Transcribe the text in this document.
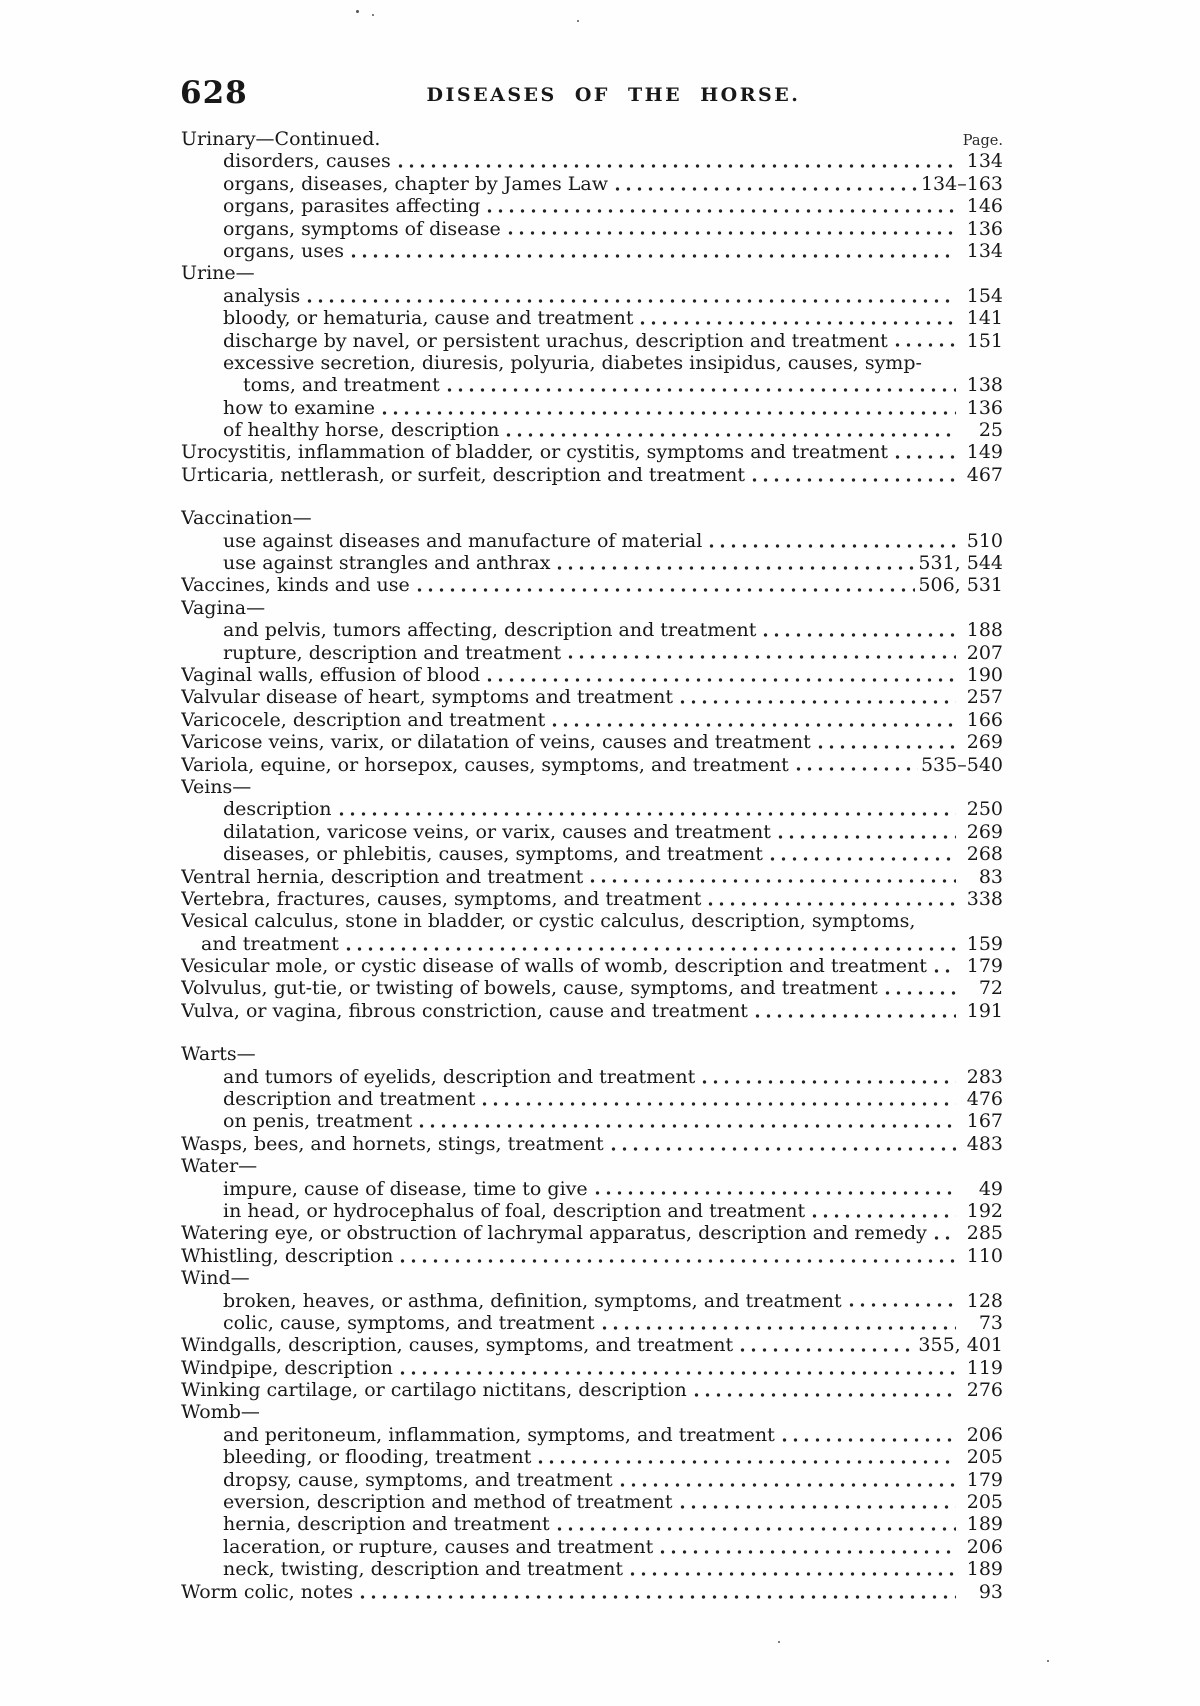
628	DISEASES OF THE HORSE.
Urinary—Continued.	Page.
disorders, causes	134
organs, diseases, chapter by James Law	134–163
organs, parasites affecting	146
organs, symptoms of disease	136
organs, uses	134
Urine—
analysis	154
bloody, or hematuria, cause and treatment	141
discharge by navel, or persistent urachus, description and treatment	151
excessive secretion, diuresis, polyuria, diabetes insipidus, causes, symp-
toms, and treatment	138
how to examine	136
of healthy horse, description	25
Urocystitis, inflammation of bladder, or cystitis, symptoms and treatment	149
Urticaria, nettlerash, or surfeit, description and treatment	467
Vaccination—
use against diseases and manufacture of material	510
use against strangles and anthrax	531, 544
Vaccines, kinds and use	506, 531
Vagina—
and pelvis, tumors affecting, description and treatment	188
rupture, description and treatment	207
Vaginal walls, effusion of blood	190
Valvular disease of heart, symptoms and treatment	257
Varicocele, description and treatment	166
Varicose veins, varix, or dilatation of veins, causes and treatment	269
Variola, equine, or horsepox, causes, symptoms, and treatment	535–540
Veins—
description	250
dilatation, varicose veins, or varix, causes and treatment	269
diseases, or phlebitis, causes, symptoms, and treatment	268
Ventral hernia, description and treatment	83
Vertebra, fractures, causes, symptoms, and treatment	338
Vesical calculus, stone in bladder, or cystic calculus, description, symptoms,
and treatment	159
Vesicular mole, or cystic disease of walls of womb, description and treatment	179
Volvulus, gut-tie, or twisting of bowels, cause, symptoms, and treatment	72
Vulva, or vagina, fibrous constriction, cause and treatment	191
Warts—
and tumors of eyelids, description and treatment	283
description and treatment	476
on penis, treatment	167
Wasps, bees, and hornets, stings, treatment	483
Water—
impure, cause of disease, time to give	49
in head, or hydrocephalus of foal, description and treatment	192
Watering eye, or obstruction of lachrymal apparatus, description and remedy	285
Whistling, description	110
Wind—
broken, heaves, or asthma, definition, symptoms, and treatment	128
colic, cause, symptoms, and treatment	73
Windgalls, description, causes, symptoms, and treatment	355, 401
Windpipe, description	119
Winking cartilage, or cartilago nictitans, description	276
Womb—
and peritoneum, inflammation, symptoms, and treatment	206
bleeding, or flooding, treatment	205
dropsy, cause, symptoms, and treatment	179
eversion, description and method of treatment	205
hernia, description and treatment	189
laceration, or rupture, causes and treatment	206
neck, twisting, description and treatment	189
Worm colic, notes	93
